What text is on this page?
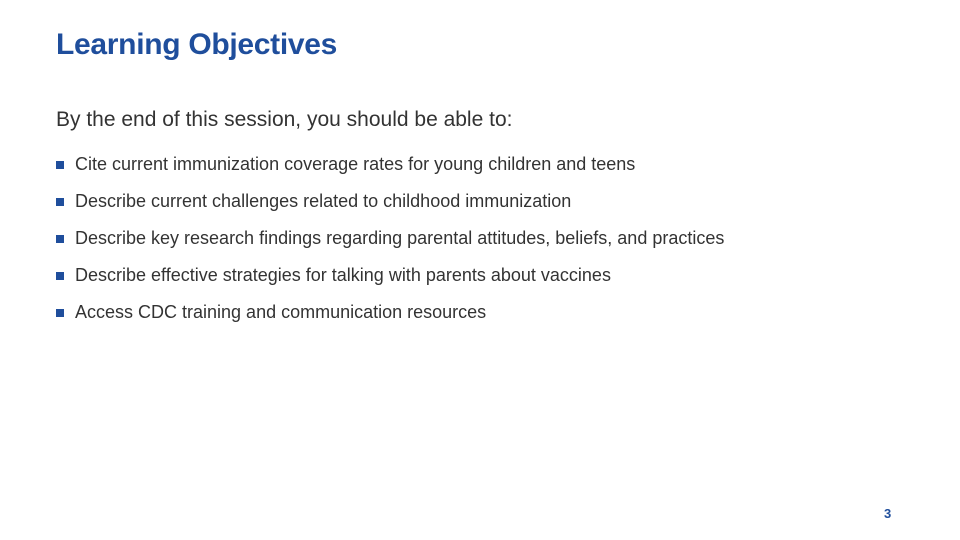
Learning Objectives

By the end of this session, you should be able to:

Cite current immunization coverage rates for young children and teens
Describe current challenges related to childhood immunization
Describe key research findings regarding parental attitudes, beliefs, and practices
Describe effective strategies for talking with parents about vaccines
Access CDC training and communication resources
3
